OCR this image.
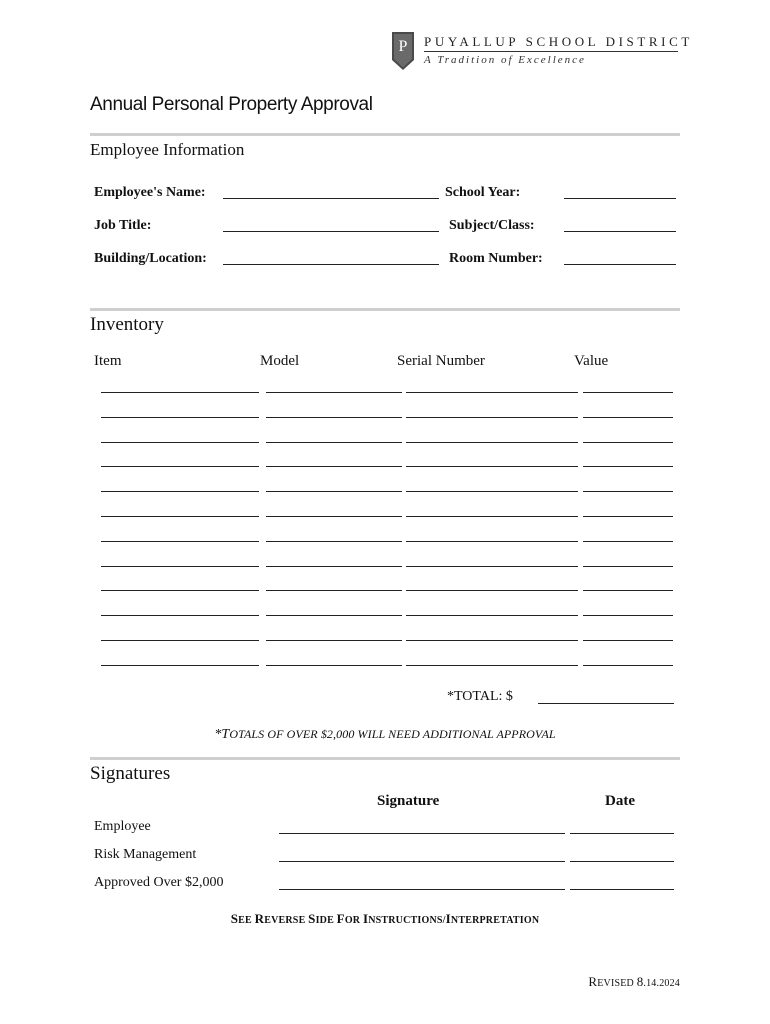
P PUYALLUP SCHOOL DISTRICT
A Tradition of Excellence
Annual Personal Property Approval
Employee Information
Employee's Name:	School Year:
Job Title:	Subject/Class:
Building/Location:	Room Number:
Inventory
Item	Model	Serial Number	Value
*TOTAL: $
*TOTALS OF OVER $2,000 WILL NEED ADDITIONAL APPROVAL
Signatures
Signature	Date
Employee
Risk Management
Approved Over $2,000
SEE REVERSE SIDE FOR INSTRUCTIONS/INTERPRETATION
REVISED 8.14.2024
